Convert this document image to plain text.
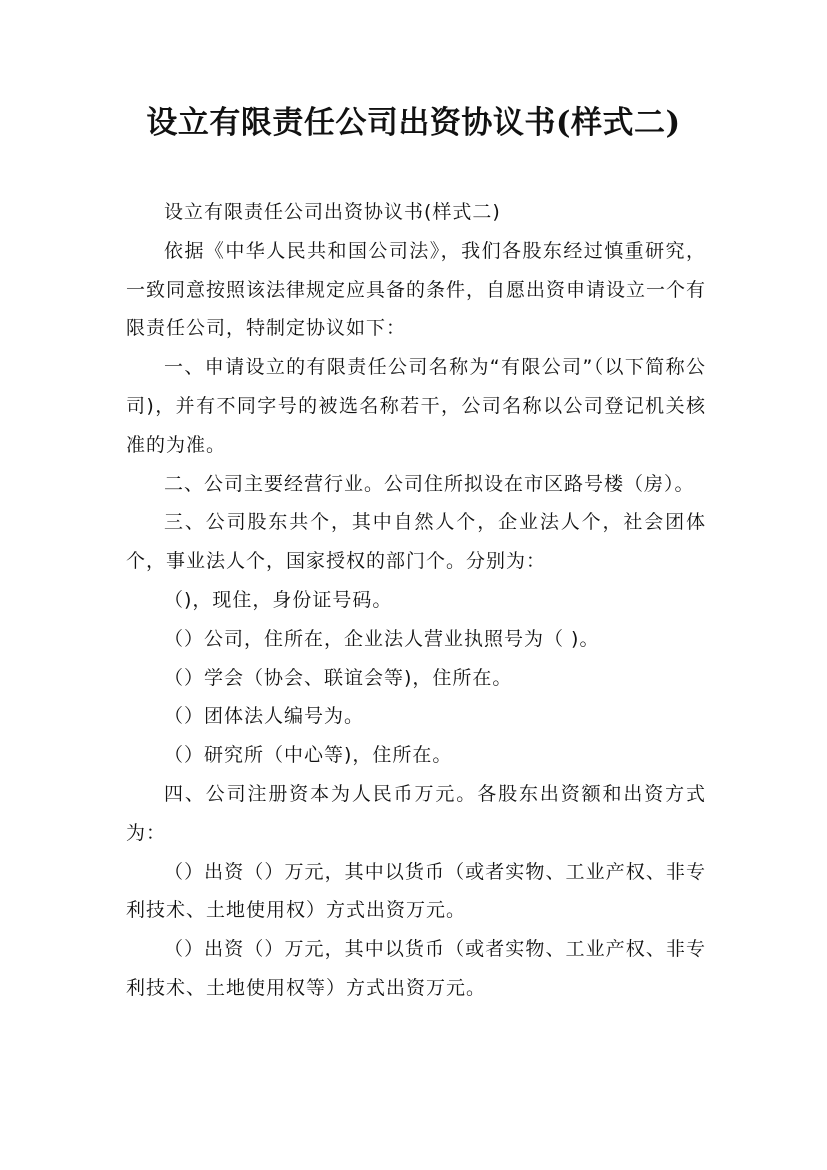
设立有限责任公司出资协议书(样式二)

设立有限责任公司出资协议书(样式二)

依据《中华人民共和国公司法》，我们各股东经过慎重研究，一致同意按照该法律规定应具备的条件，自愿出资申请设立一个有限责任公司，特制定协议如下：

一、申请设立的有限责任公司名称为“有限公司”（以下简称公司)，并有不同字号的被选名称若干，公司名称以公司登记机关核准的为准。

二、公司主要经营行业。公司住所拟设在市区路号楼（房）。

三、公司股东共个，其中自然人个，企业法人个，社会团体个，事业法人个，国家授权的部门个。分别为：

（)，现住，身份证号码。

（）公司，住所在，企业法人营业执照号为（ )。

（）学会（协会、联谊会等)，住所在。

（）团体法人编号为。

（）研究所（中心等)，住所在。

四、公司注册资本为人民币万元。各股东出资额和出资方式为：

（）出资（）万元，其中以货币（或者实物、工业产权、非专利技术、土地使用权）方式出资万元。

（）出资（）万元，其中以货币（或者实物、工业产权、非专利技术、土地使用权等）方式出资万元。
